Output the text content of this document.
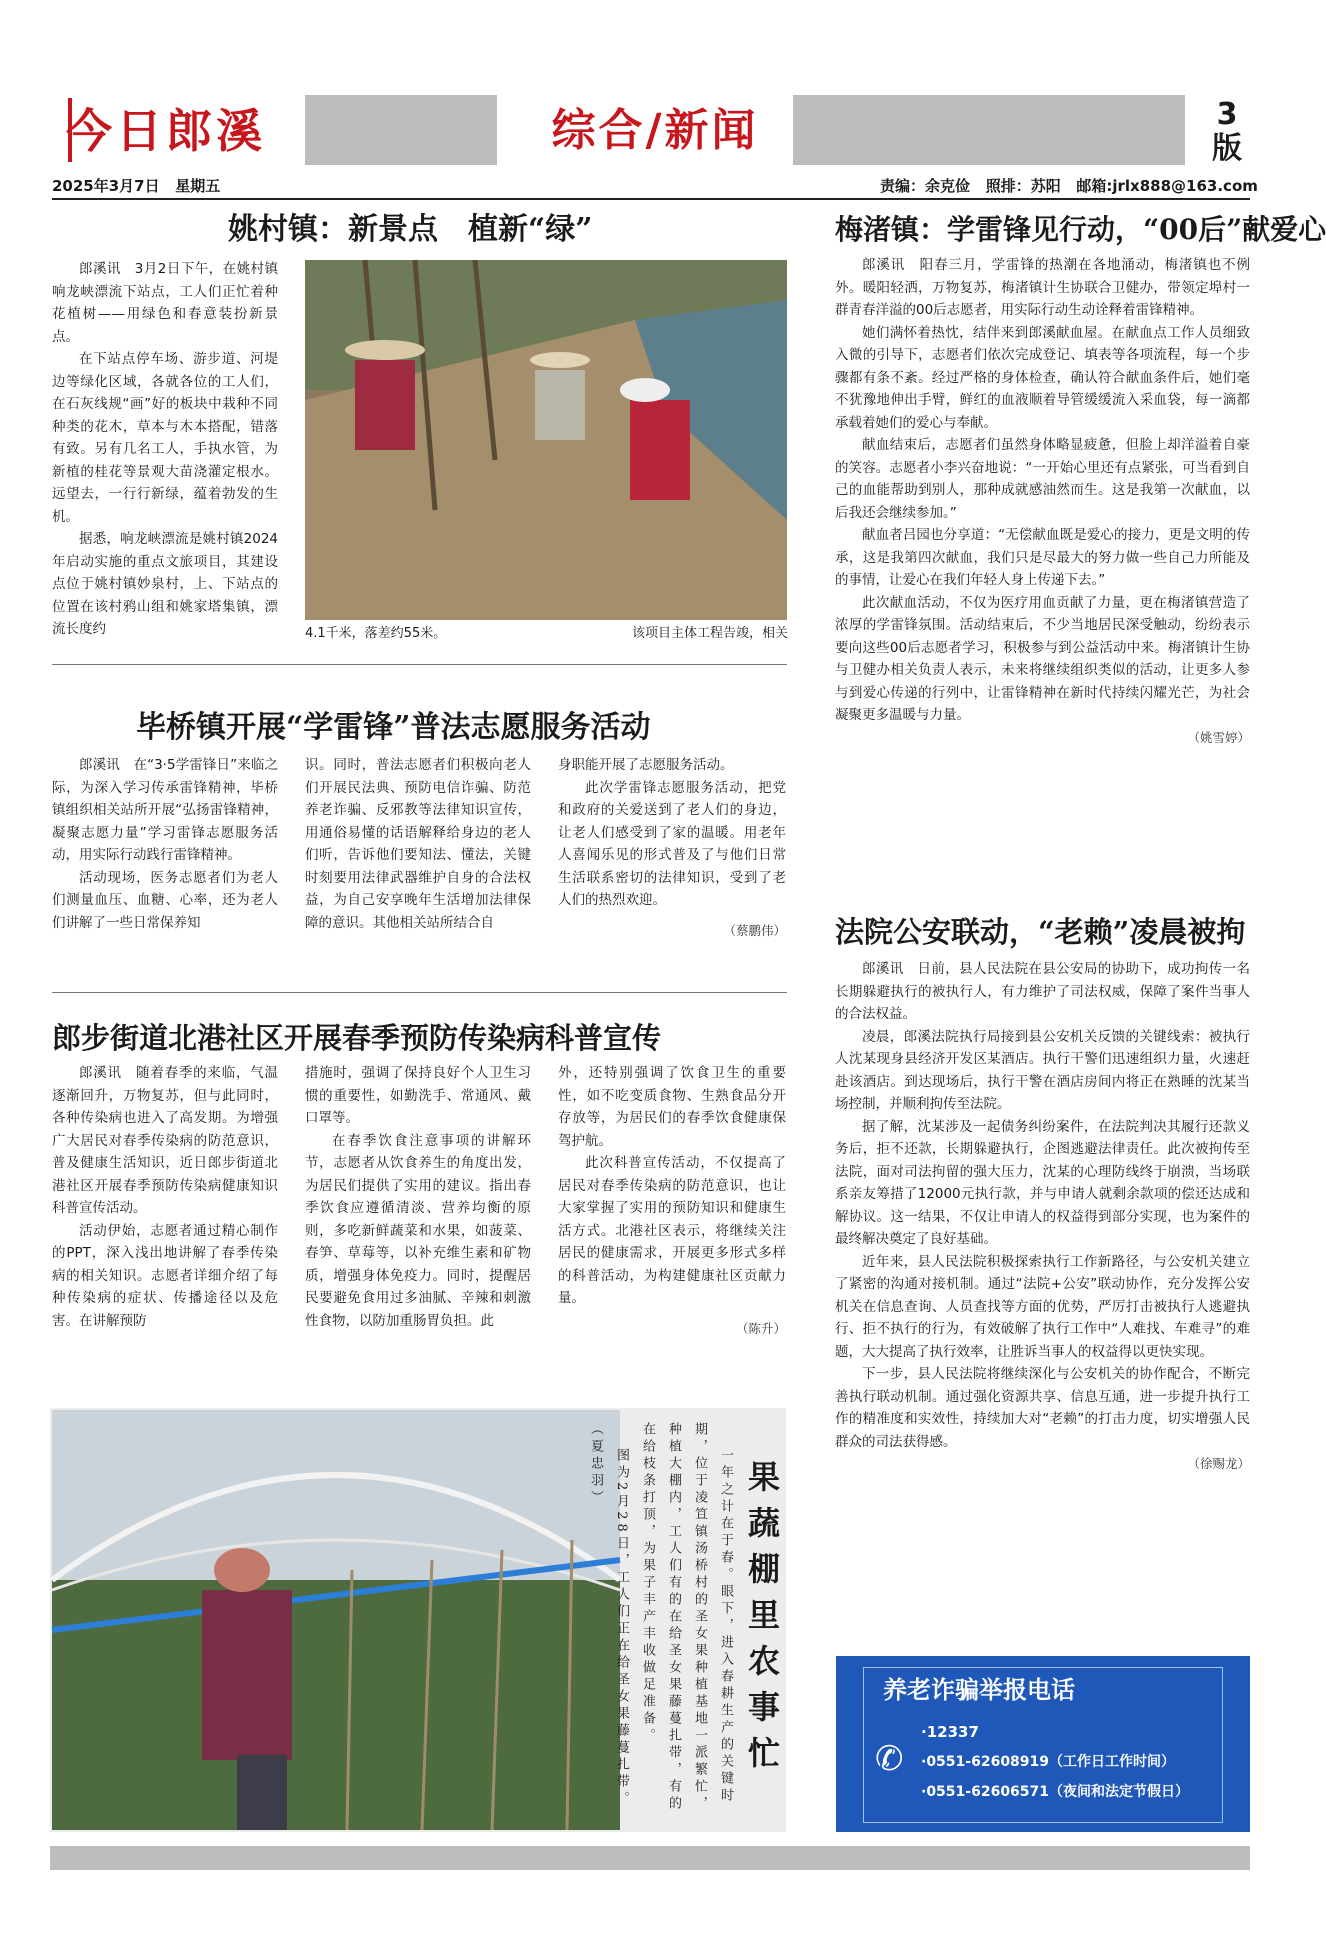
今日郎溪	综合/新闻	3
版
2025年3月7日 星期五	责编：余克俭 照排：苏阳 邮箱:jrlx888@163.com
姚村镇：新景点　植新“绿”

郎溪讯　3月2日下午，在姚村镇响龙峡漂流下站点，工人们正忙着种花植树——用绿色和春意装扮新景点。

在下站点停车场、游步道、河堤边等绿化区域，各就各位的工人们，在石灰线规“画”好的板块中栽种不同种类的花木，草本与木本搭配，错落有致。另有几名工人，手执水管，为新植的桂花等景观大苗浇灌定根水。远望去，一行行新绿，蕴着勃发的生机。

据悉，响龙峡漂流是姚村镇2024年启动实施的重点文旅项目，其建设点位于姚村镇妙泉村，上、下站点的位置在该村鸦山组和姚家塔集镇，漂流长度约	4.1千米，落差约55米。	该项目主体工程告竣，相关
梅渚镇：学雷锋见行动，“00后”献爱心

郎溪讯　阳春三月，学雷锋的热潮在各地涌动，梅渚镇也不例外。暖阳轻洒，万物复苏，梅渚镇计生协联合卫健办，带领定埠村一群青春洋溢的00后志愿者，用实际行动生动诠释着雷锋精神。

她们满怀着热忱，结伴来到郎溪献血屋。在献血点工作人员细致入微的引导下，志愿者们依次完成登记、填表等各项流程，每一个步骤都有条不紊。经过严格的身体检查，确认符合献血条件后，她们毫不犹豫地伸出手臂，鲜红的血液顺着导管缓缓流入采血袋，每一滴都承载着她们的爱心与奉献。

献血结束后，志愿者们虽然身体略显疲惫，但脸上却洋溢着自豪的笑容。志愿者小李兴奋地说：“一开始心里还有点紧张，可当看到自己的血能帮助到别人，那种成就感油然而生。这是我第一次献血，以后我还会继续参加。”

献血者吕园也分享道：“无偿献血既是爱心的接力，更是文明的传承，这是我第四次献血，我们只是尽最大的努力做一些自己力所能及的事情，让爱心在我们年轻人身上传递下去。”

此次献血活动，不仅为医疗用血贡献了力量，更在梅渚镇营造了浓厚的学雷锋氛围。活动结束后，不少当地居民深受触动，纷纷表示要向这些00后志愿者学习，积极参与到公益活动中来。梅渚镇计生协与卫健办相关负责人表示，未来将继续组织类似的活动，让更多人参与到爱心传递的行列中，让雷锋精神在新时代持续闪耀光芒，为社会凝聚更多温暖与力量。

（姚雪婷）
毕桥镇开展“学雷锋”普法志愿服务活动

郎溪讯　在“3·5学雷锋日”来临之际，为深入学习传承雷锋精神，毕桥镇组织相关站所开展“弘扬雷锋精神，凝聚志愿力量”学习雷锋志愿服务活动，用实际行动践行雷锋精神。

活动现场，医务志愿者们为老人们测量血压、血糖、心率，还为老人们讲解了一些日常保养知

识。同时，普法志愿者们积极向老人们开展民法典、预防电信诈骗、防范养老诈骗、反邪教等法律知识宣传，用通俗易懂的话语解释给身边的老人们听，告诉他们要知法、懂法，关键时刻要用法律武器维护自身的合法权益，为自己安享晚年生活增加法律保障的意识。其他相关站所结合自

身职能开展了志愿服务活动。

此次学雷锋志愿服务活动，把党和政府的关爱送到了老人们的身边，让老人们感受到了家的温暖。用老年人喜闻乐见的形式普及了与他们日常生活联系密切的法律知识，受到了老人们的热烈欢迎。

（蔡鹏伟）
郎步街道北港社区开展春季预防传染病科普宣传

郎溪讯　随着春季的来临，气温逐渐回升，万物复苏，但与此同时，各种传染病也进入了高发期。为增强广大居民对春季传染病的防范意识，普及健康生活知识，近日郎步街道北港社区开展春季预防传染病健康知识科普宣传活动。

活动伊始，志愿者通过精心制作的PPT，深入浅出地讲解了春季传染病的相关知识。志愿者详细介绍了每种传染病的症状、传播途径以及危害。在讲解预防

措施时，强调了保持良好个人卫生习惯的重要性，如勤洗手、常通风、戴口罩等。

在春季饮食注意事项的讲解环节，志愿者从饮食养生的角度出发，为居民们提供了实用的建议。指出春季饮食应遵循清淡、营养均衡的原则，多吃新鲜蔬菜和水果，如菠菜、春笋、草莓等，以补充维生素和矿物质，增强身体免疫力。同时，提醒居民要避免食用过多油腻、辛辣和刺激性食物，以防加重肠胃负担。此

外，还特别强调了饮食卫生的重要性，如不吃变质食物、生熟食品分开存放等，为居民们的春季饮食健康保驾护航。

此次科普宣传活动，不仅提高了居民对春季传染病的防范意识，也让大家掌握了实用的预防知识和健康生活方式。北港社区表示，将继续关注居民的健康需求，开展更多形式多样的科普活动，为构建健康社区贡献力量。

（陈升）
法院公安联动，“老赖”凌晨被拘

郎溪讯　日前，县人民法院在县公安局的协助下，成功拘传一名长期躲避执行的被执行人，有力维护了司法权威，保障了案件当事人的合法权益。

凌晨，郎溪法院执行局接到县公安机关反馈的关键线索：被执行人沈某现身县经济开发区某酒店。执行干警们迅速组织力量，火速赶赴该酒店。到达现场后，执行干警在酒店房间内将正在熟睡的沈某当场控制，并顺利拘传至法院。

据了解，沈某涉及一起债务纠纷案件，在法院判决其履行还款义务后，拒不还款，长期躲避执行，企图逃避法律责任。此次被拘传至法院，面对司法拘留的强大压力，沈某的心理防线终于崩溃，当场联系亲友筹措了12000元执行款，并与申请人就剩余款项的偿还达成和解协议。这一结果，不仅让申请人的权益得到部分实现，也为案件的最终解决奠定了良好基础。

近年来，县人民法院积极探索执行工作新路径，与公安机关建立了紧密的沟通对接机制。通过“法院+公安”联动协作，充分发挥公安机关在信息查询、人员查找等方面的优势，严厉打击被执行人逃避执行、拒不执行的行为，有效破解了执行工作中“人难找、车难寻”的难题，大大提高了执行效率，让胜诉当事人的权益得以更快实现。

下一步，县人民法院将继续深化与公安机关的协作配合，不断完善执行联动机制。通过强化资源共享、信息互通，进一步提升执行工作的精准度和实效性，持续加大对“老赖”的打击力度，切实增强人民群众的司法获得感。

（徐赐龙）
一年之计在于春。眼下，进入春耕生产的关键时期，位于凌笪镇汤桥村的圣女果种植基地一派繁忙，种植大棚内，工人们有的在给圣女果藤蔓扎带，有的在给枝条打顶，为果子丰产丰收做足准备。图为2月28日，工人们正在给圣女果藤蔓扎带。（夏忠羽）	果蔬棚里农事忙	养老诈骗举报电话
✆
·12337
·0551-62608919（工作日工作时间）
·0551-62606571（夜间和法定节假日）
